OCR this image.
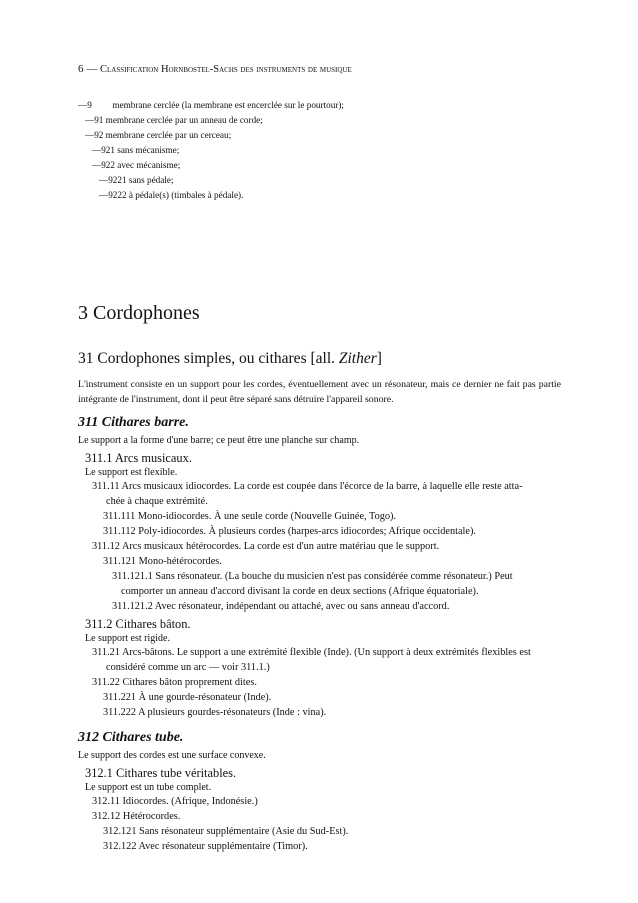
6 — Classification Hornbostel-Sachs des instruments de musique
—9 membrane cerclée (la membrane est encerclée sur le pourtour);
—91 membrane cerclée par un anneau de corde;
—92 membrane cerclée par un cerceau;
—921 sans mécanisme;
—922 avec mécanisme;
—9221 sans pédale;
—9222 à pédale(s) (timbales à pédale).
3 Cordophones
31 Cordophones simples, ou cithares [all. Zither]
L'instrument consiste en un support pour les cordes, éventuellement avec un résonateur, mais ce dernier ne fait pas partie intégrante de l'instrument, dont il peut être séparé sans détruire l'appareil sonore.
311 Cithares barre.
Le support a la forme d'une barre; ce peut être une planche sur champ.
311.1 Arcs musicaux.
Le support est flexible.
311.11 Arcs musicaux idiocordes. La corde est coupée dans l'écorce de la barre, à laquelle elle reste atta-
chée à chaque extrémité.
311.111 Mono-idiocordes. À une seule corde (Nouvelle Guinée, Togo).
311.112 Poly-idiocordes. À plusieurs cordes (harpes-arcs idiocordes; Afrique occidentale).
311.12 Arcs musicaux hétérocordes. La corde est d'un autre matériau que le support.
311.121 Mono-hétérocordes.
311.121.1 Sans résonateur. (La bouche du musicien n'est pas considérée comme résonateur.) Peut
comporter un anneau d'accord divisant la corde en deux sections (Afrique équatoriale).
311.121.2 Avec résonateur, indépendant ou attaché, avec ou sans anneau d'accord.
311.2 Cithares bâton.
Le support est rigide.
311.21 Arcs-bâtons. Le support a une extrémité flexible (Inde). (Un support à deux extrémités flexibles est
considéré comme un arc — voir 311.1.)
311.22 Cithares bâton proprement dites.
311.221 À une gourde-résonateur (Inde).
311.222 A plusieurs gourdes-résonateurs (Inde : vina).
312 Cithares tube.
Le support des cordes est une surface convexe.
312.1 Cithares tube véritables.
Le support est un tube complet.
312.11 Idiocordes. (Afrique, Indonésie.)
312.12 Hétérocordes.
312.121 Sans résonateur supplémentaire (Asie du Sud-Est).
312.122 Avec résonateur supplémentaire (Timor).
